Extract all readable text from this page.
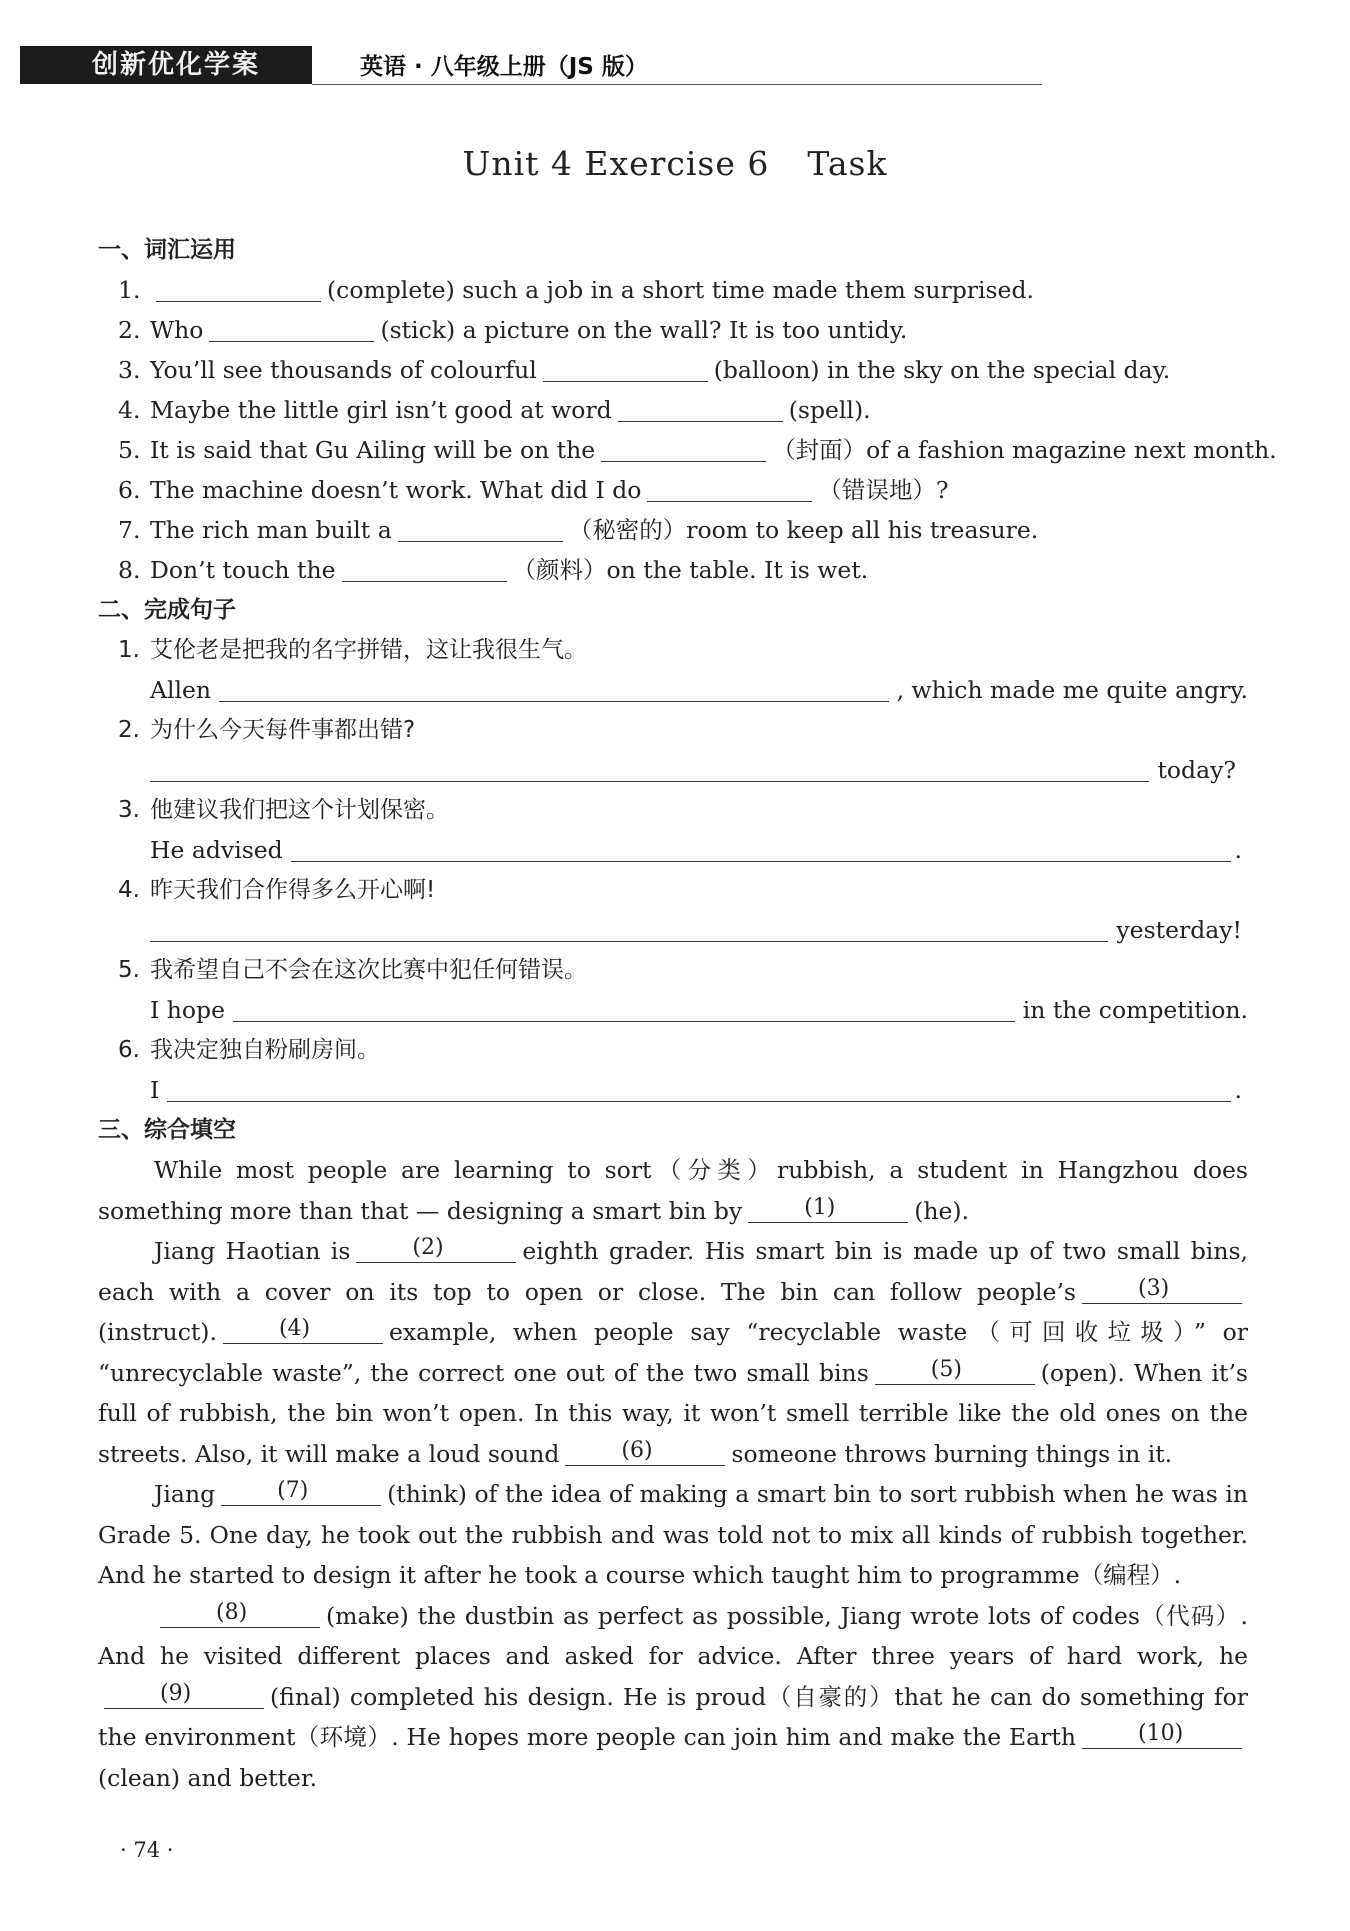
创新优化学案	英语 · 八年级上册（JS 版）
Unit 4 Exercise 6 Task
一、词汇运用
1.	(complete) such a job in a short time made them surprised.
2. Who	(stick) a picture on the wall? It is too untidy.
3. You’ll see thousands of colourful	(balloon) in the sky on the special day.
4. Maybe the little girl isn’t good at word	(spell).
5. It is said that Gu Ailing will be on the	（封面）of a fashion magazine next month.
6. The machine doesn’t work. What did I do	（错误地）?
7. The rich man built a	（秘密的）room to keep all his treasure.
8. Don’t touch the	（颜料）on the table. It is wet.
二、完成句子
1. 艾伦老是把我的名字拼错，这让我很生气。
Allen	, which made me quite angry.
2. 为什么今天每件事都出错?
today?
3. 他建议我们把这个计划保密。
He advised	.
4. 昨天我们合作得多么开心啊!
yesterday!
5. 我希望自己不会在这次比赛中犯任何错误。
I hope	in the competition.
6. 我决定独自粉刷房间。
I	.
三、综合填空

While most people are learning to sort（分类）rubbish, a student in Hangzhou does something more than that — designing a smart bin by	(1)	(he).

Jiang Haotian is	(2)	eighth grader. His smart bin is made up of two small bins, each with a cover on its top to open or close. The bin can follow people’s	(3)
(instruct).	(4)	example, when people say “recyclable waste（可回收垃圾）” or “unrecyclable waste”, the correct one out of the two small bins	(5)	(open). When it’s full of rubbish, the bin won’t open. In this way, it won’t smell terrible like the old ones on the streets. Also, it will make a loud sound	(6)	someone throws burning things in it.

Jiang	(7)	(think) of the idea of making a smart bin to sort rubbish when he was in Grade 5. One day, he took out the rubbish and was told not to mix all kinds of rubbish together. And he started to design it after he took a course which taught him to programme（编程）.

(8)	(make) the dustbin as perfect as possible, Jiang wrote lots of codes（代码）. And he visited different places and asked for advice. After three years of hard work, he
(9)	(final) completed his design. He is proud（自豪的）that he can do something for the environment（环境）. He hopes more people can join him and make the Earth	(10)
(clean) and better.

· 74 ·
